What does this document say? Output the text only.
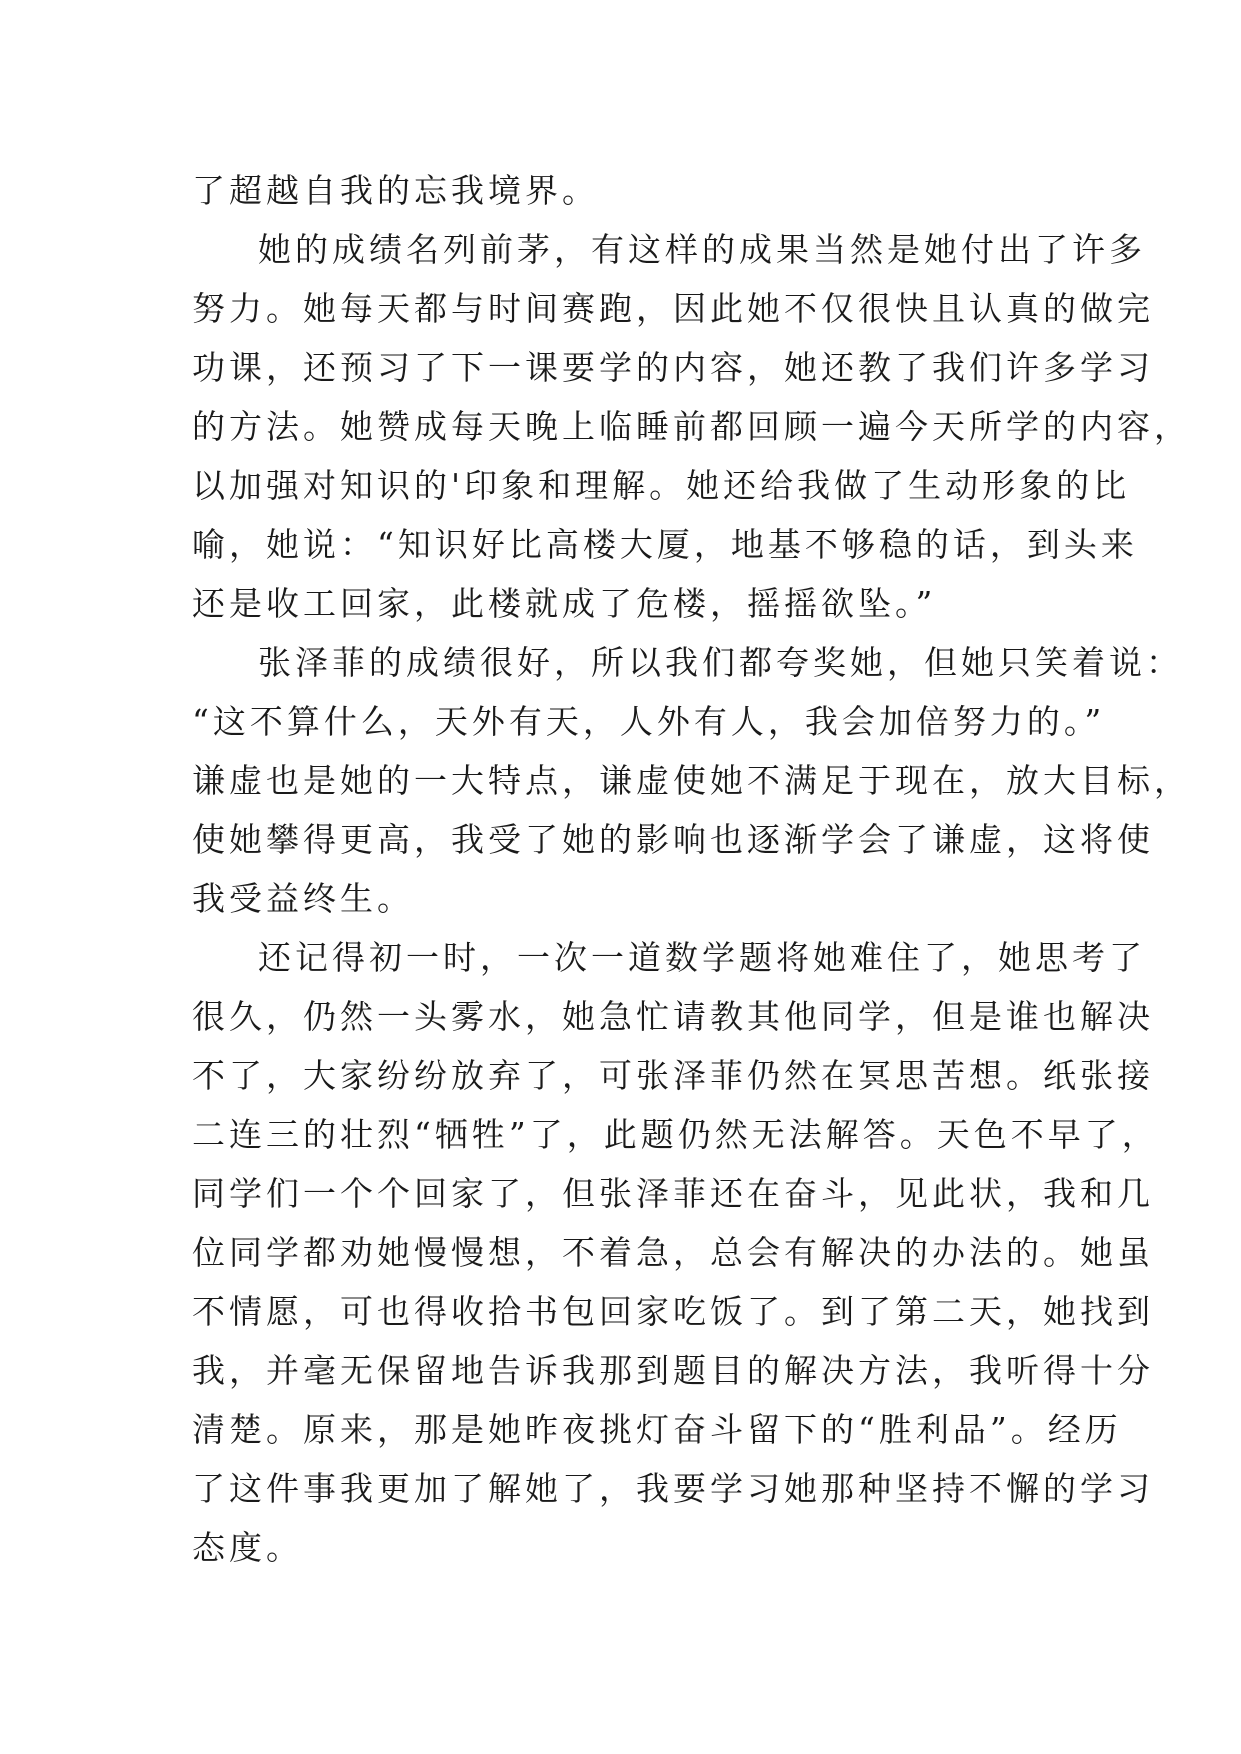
了超越自我的忘我境界。
她的成绩名列前茅，有这样的成果当然是她付出了许多
努力。她每天都与时间赛跑，因此她不仅很快且认真的做完
功课，还预习了下一课要学的内容，她还教了我们许多学习
的方法。她赞成每天晚上临睡前都回顾一遍今天所学的内容，
以加强对知识的'印象和理解。她还给我做了生动形象的比
喻，她说：“知识好比高楼大厦，地基不够稳的话，到头来
还是收工回家，此楼就成了危楼，摇摇欲坠。”
张泽菲的成绩很好，所以我们都夸奖她，但她只笑着说：
“这不算什么，天外有天，人外有人，我会加倍努力的。”
谦虚也是她的一大特点，谦虚使她不满足于现在，放大目标，
使她攀得更高，我受了她的影响也逐渐学会了谦虚，这将使
我受益终生。
还记得初一时，一次一道数学题将她难住了，她思考了
很久，仍然一头雾水，她急忙请教其他同学，但是谁也解决
不了，大家纷纷放弃了，可张泽菲仍然在冥思苦想。纸张接
二连三的壮烈“牺牲”了，此题仍然无法解答。天色不早了，
同学们一个个回家了，但张泽菲还在奋斗，见此状，我和几
位同学都劝她慢慢想，不着急，总会有解决的办法的。她虽
不情愿，可也得收拾书包回家吃饭了。到了第二天，她找到
我，并毫无保留地告诉我那到题目的解决方法，我听得十分
清楚。原来，那是她昨夜挑灯奋斗留下的“胜利品”。经历
了这件事我更加了解她了，我要学习她那种坚持不懈的学习
态度。
